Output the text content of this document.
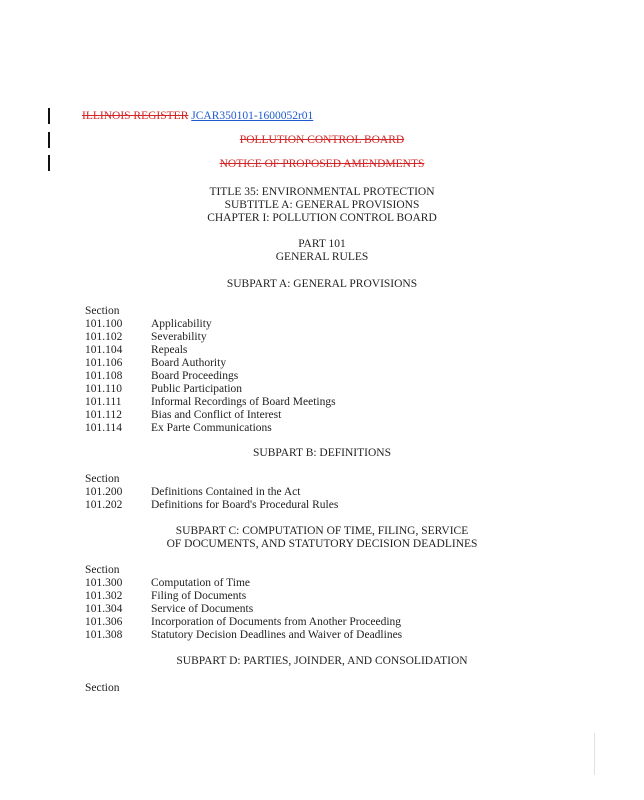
ILLINOIS REGISTER JCAR350101-1600052r01
POLLUTION CONTROL BOARD
NOTICE OF PROPOSED AMENDMENTS
TITLE 35: ENVIRONMENTAL PROTECTION
SUBTITLE A: GENERAL PROVISIONS
CHAPTER I: POLLUTION CONTROL BOARD
PART 101
GENERAL RULES
SUBPART A: GENERAL PROVISIONS
Section
101.100 Applicability
101.102 Severability
101.104 Repeals
101.106 Board Authority
101.108 Board Proceedings
101.110	Public Participation
101.111	Informal Recordings of Board Meetings
101.112	Bias and Conflict of Interest
101.114	Ex Parte Communications
SUBPART B: DEFINITIONS
Section
101.200 Definitions Contained in the Act
101.202 Definitions for Board's Procedural Rules
SUBPART C: COMPUTATION OF TIME, FILING, SERVICE
OF DOCUMENTS, AND STATUTORY DECISION DEADLINES
Section
101.300 Computation of Time
101.302 Filing of Documents
101.304 Service of Documents
101.306 Incorporation of Documents from Another Proceeding
101.308 Statutory Decision Deadlines and Waiver of Deadlines
SUBPART D: PARTIES, JOINDER, AND CONSOLIDATION
Section
